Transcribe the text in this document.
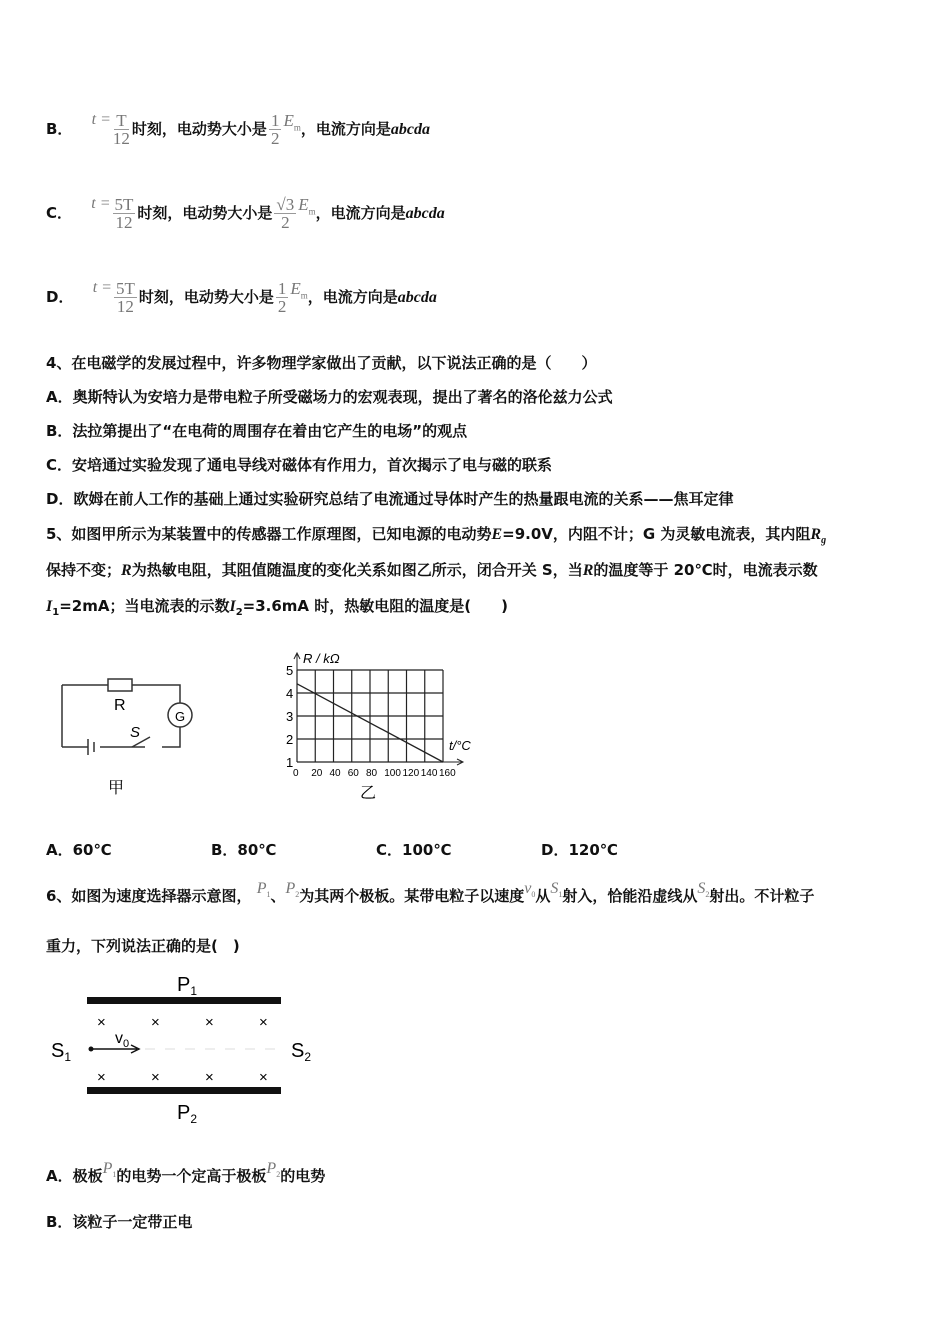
B． $t = \frac{T}{12}$ 时刻，电动势大小是 $\frac{1}{2} E_m$，电流方向是abcda
C． $t = \frac{5T}{12}$ 时刻，电动势大小是 $\frac{√3}{2} E_m$，电流方向是abcda
D． $t = \frac{5T}{12}$ 时刻，电动势大小是 $\frac{1}{2} E_m$，电流方向是abcda
4、在电磁学的发展过程中，许多物理学家做出了贡献，以下说法正确的是（　　）
A．奥斯特认为安培力是带电粒子所受磁场力的宏观表现，提出了著名的洛伦兹力公式
B．法拉第提出了“在电荷的周围存在着由它产生的电场”的观点
C．安培通过实验发现了通电导线对磁体有作用力，首次揭示了电与磁的联系
D．欧姆在前人工作的基础上通过实验研究总结了电流通过导体时产生的热量跟电流的关系——焦耳定律
5、如图甲所示为某装置中的传感器工作原理图，已知电源的电动势E=9.0V，内阻不计；G 为灵敏电流表，其内阻$R_g$
保持不变；R为热敏电阻，其阻值随温度的变化关系如图乙所示，闭合开关 S，当R的温度等于 20℃时，电流表示数
$I_1=2mA$；当电流表的示数$I_2=3.6mA$ 时，热敏电阻的温度是(　　)
R
G
S
甲
0 20 40 60 80 100 120 140 160
1
2
3
4
5
R / kΩ
t/°C
乙
A．60℃	B．80℃	C．100℃	D．120℃
6、如图为速度选择器示意图， $P_1$、$P_2$为其两个极板。某带电粒子以速度$v_0$从$S_1$射入，恰能沿虚线从$S_2$射出。不计粒子
重力，下列说法正确的是(　)
$P_1$
$P_2$
$S_1$	$S_2$
×
×
×
×
×
×
×
×
$v_0$
A．极板$P_1$的电势一个定高于极板$P_2$的电势
B．该粒子一定带正电
